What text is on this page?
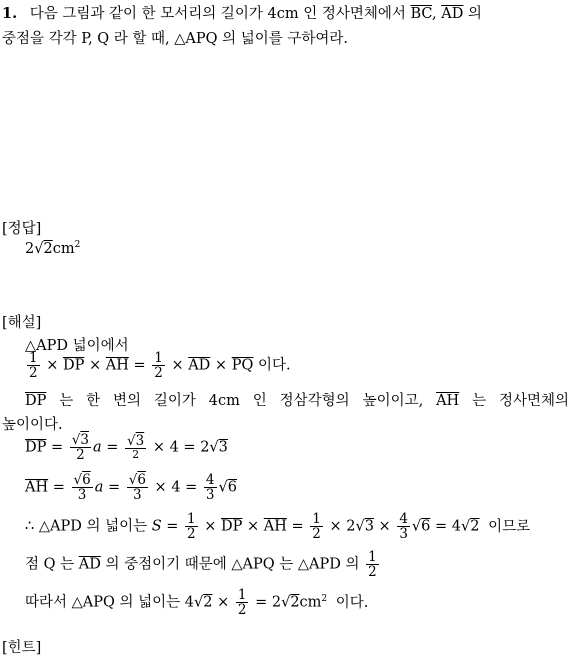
1. 다음 그림과 같이 한 모서리의 길이가 4cm 인 정사면체에서 $\overline{BC}$, $\overline{AD}$ 의
중점을 각각 P, Q 라 할 때, △APQ 의 넓이를 구하여라.
[정답]
$2√2cm^2$
[해설]
△APD 넓이에서
$\frac{1}{2} \times \overline{DP} \times \overline{AH} = \frac{1}{2} \times \overline{AD} \times \overline{PQ}$ 이다.
$\overline{DP}$ 는 한 변의 길이가 4cm 인 정삼각형의 높이이고, $\overline{AH}$ 는 정사면체의
높이이다.
$\overline{DP} = \frac{√3}{2}$ $a = \frac{√3}{2} \times 4 = 2√3$
$\overline{AH} = \frac{√6}{3}$ $a = \frac{√6}{3} \times 4 = \frac{4}{3} √6$
∴ △APD 의 넓이는 $S = \frac{1}{2} \times \overline{DP} \times \overline{AH} = \frac{1}{2} \times 2√3 \times \frac{4}{3} √6 = 4√2$ 이므로
점 Q 는 $\overline{AD}$ 의 중점이기 때문에 △APQ 는 △APD 의 $\frac{1}{2}$
따라서 △APQ 의 넓이는 $4√2 \times \frac{1}{2} = 2√2cm^2$ 이다.
[힌트]
